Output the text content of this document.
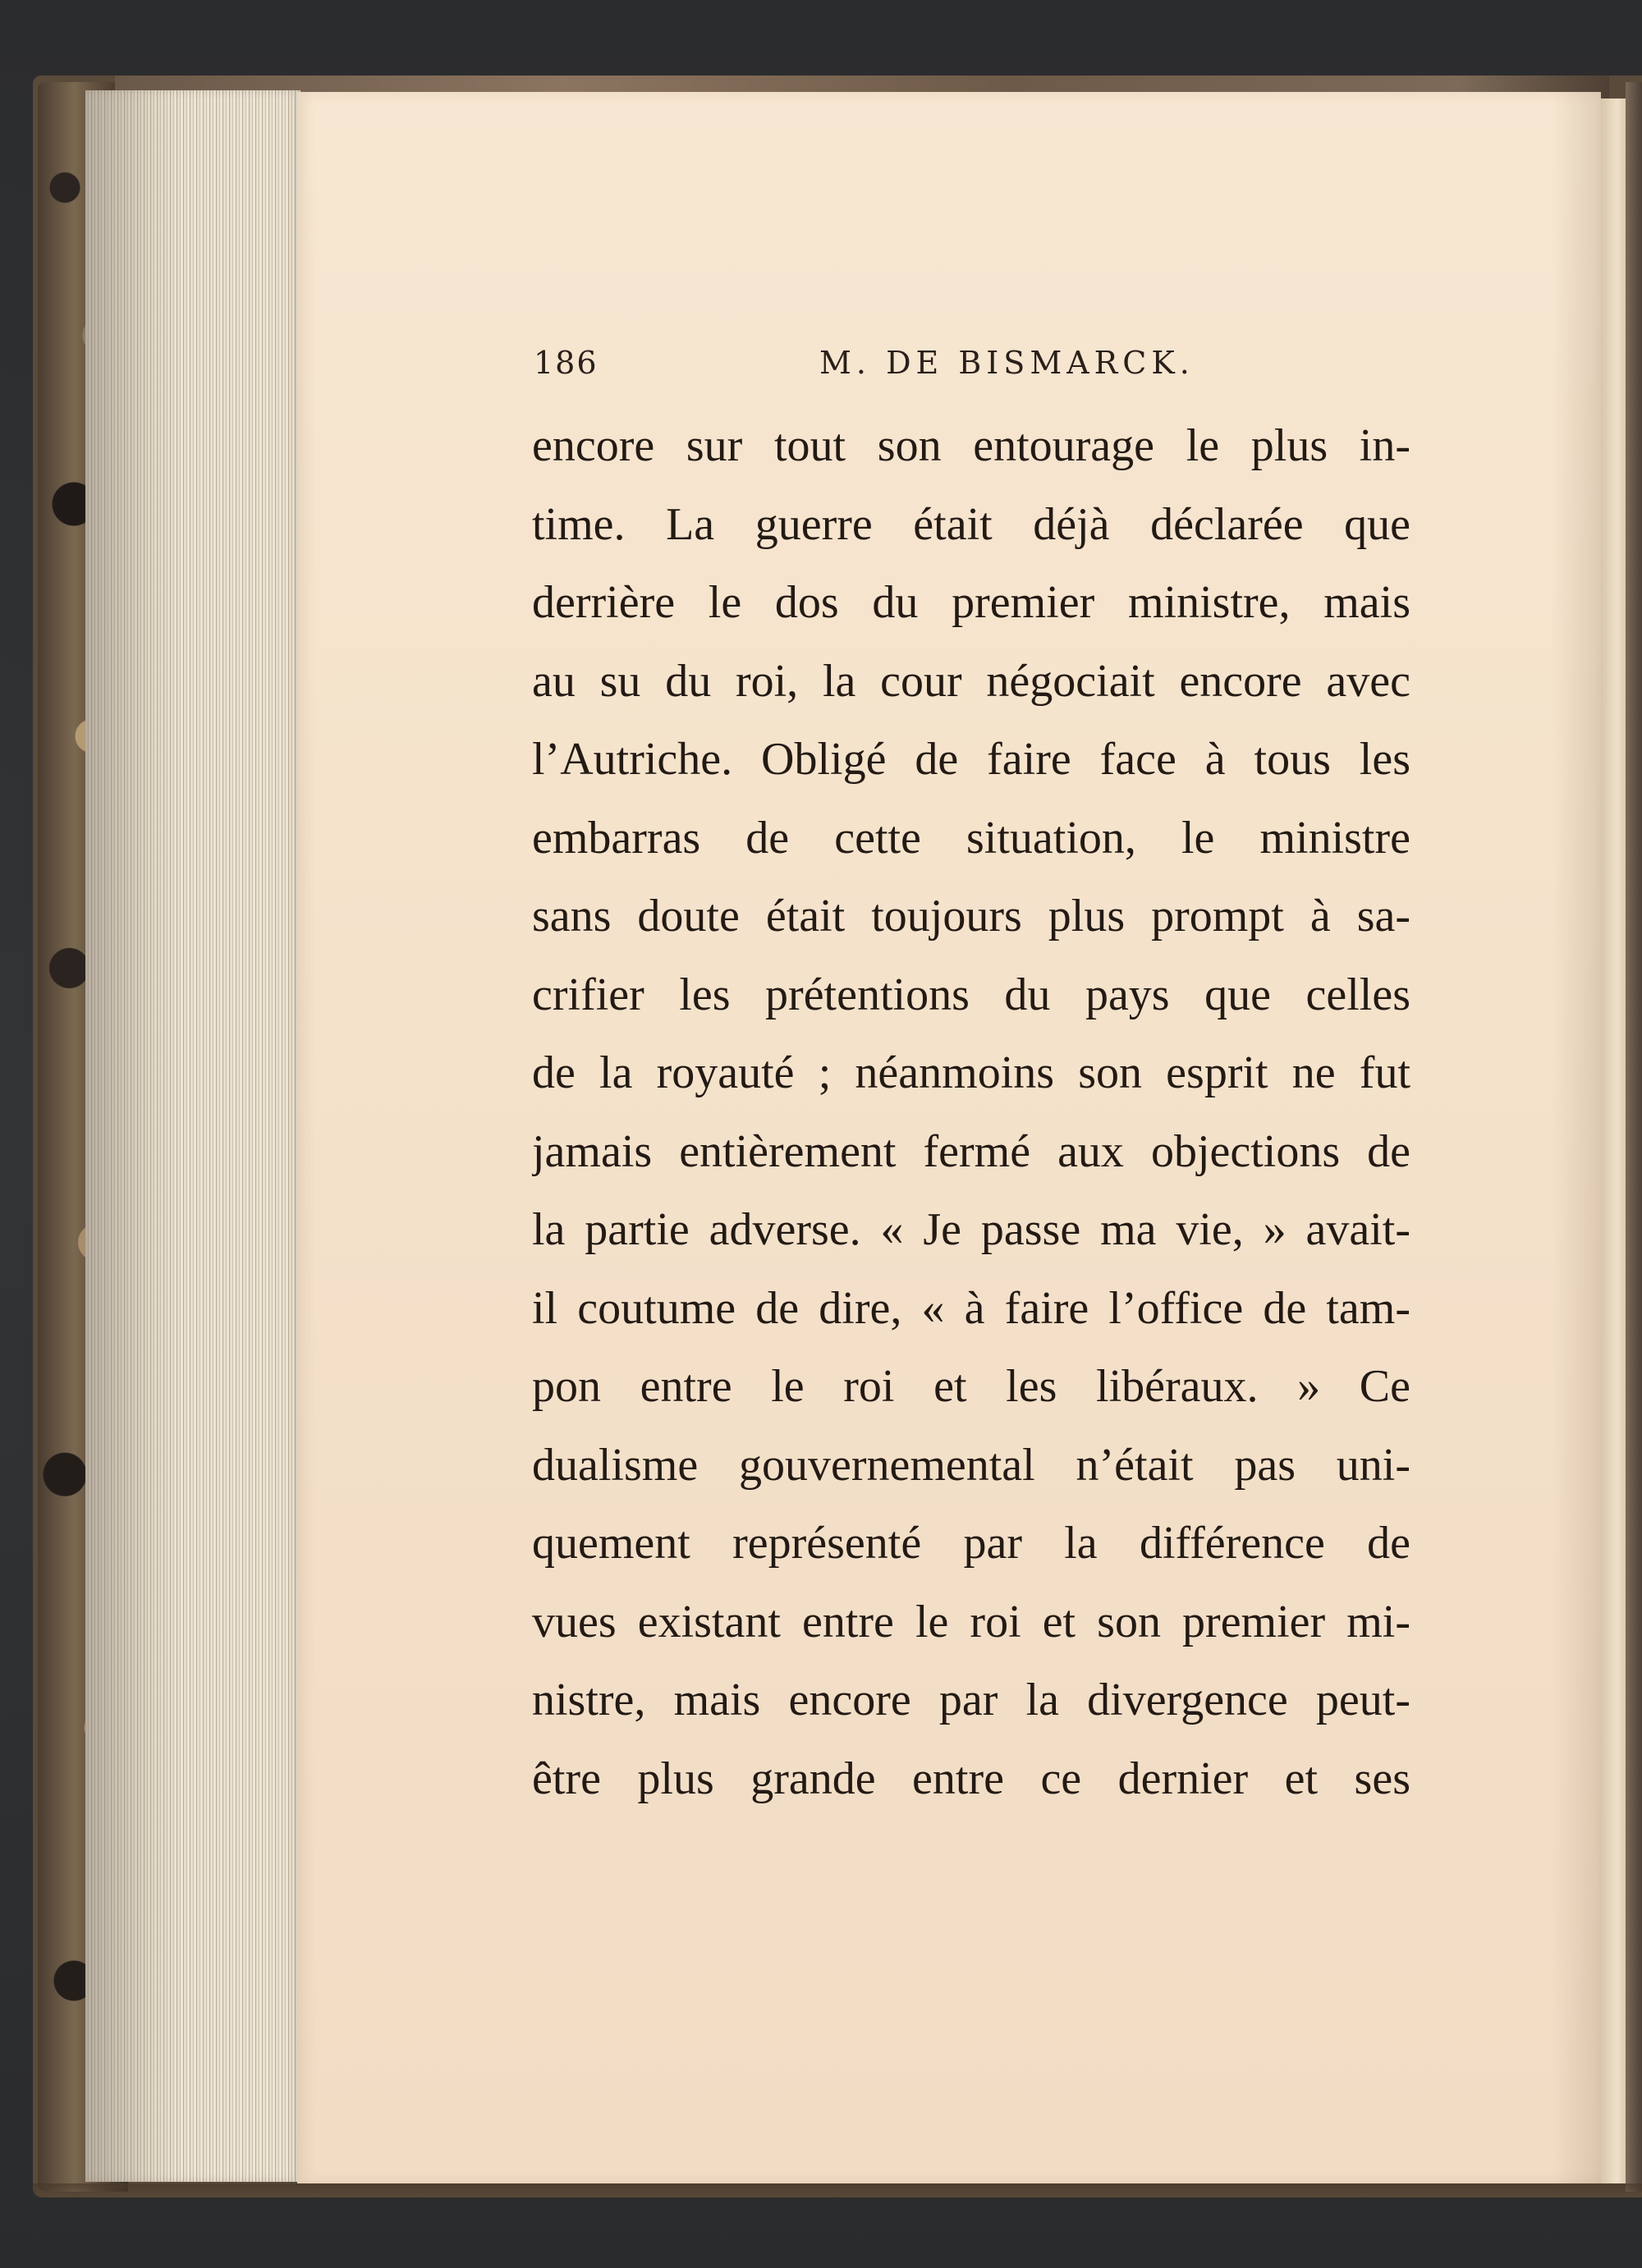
186	M. DE BISMARCK.
encore sur tout son entourage le plus in-
time. La guerre était déjà déclarée que
derrière le dos du premier ministre, mais
au su du roi, la cour négociait encore avec
l’Autriche. Obligé de faire face à tous les
embarras de cette situation, le ministre
sans doute était toujours plus prompt à sa-
crifier les prétentions du pays que celles
de la royauté ; néanmoins son esprit ne fut
jamais entièrement fermé aux objections de
la partie adverse. « Je passe ma vie, » avait-
il coutume de dire, « à faire l’office de tam-
pon entre le roi et les libéraux. » Ce
dualisme gouvernemental n’était pas uni-
quement représenté par la différence de
vues existant entre le roi et son premier mi-
nistre, mais encore par la divergence peut-
être plus grande entre ce dernier et ses
